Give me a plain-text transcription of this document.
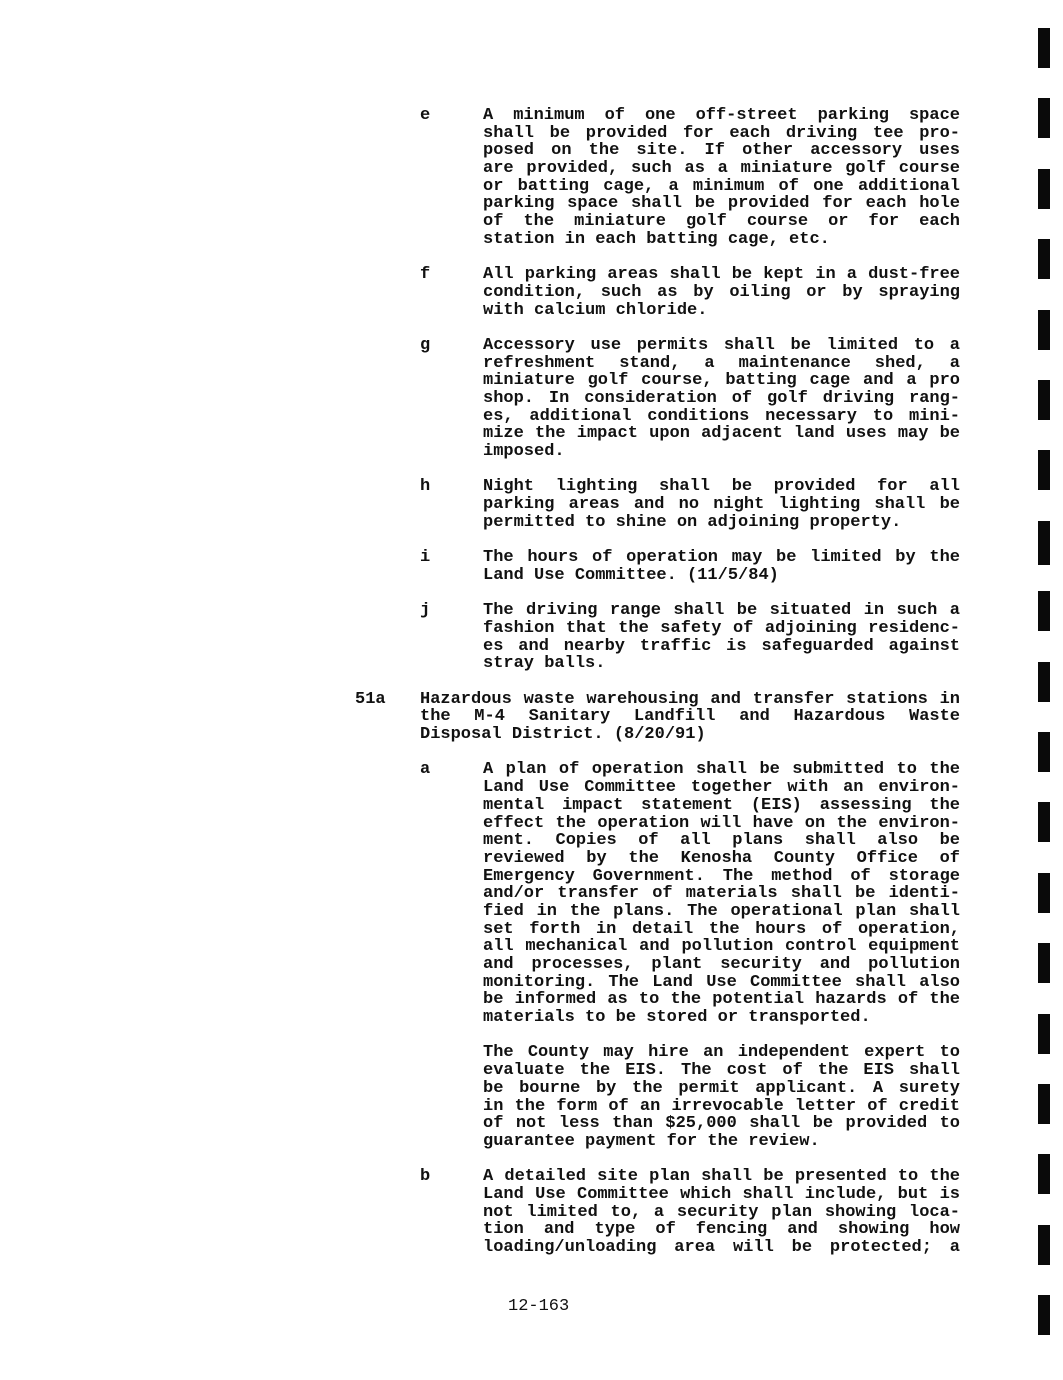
e	A minimum of one off-street parking space
shall be provided for each driving tee pro-
posed on the site. If other accessory uses
are provided, such as a miniature golf course
or batting cage, a minimum of one additional
parking space shall be provided for each hole
of the miniature golf course or for each
station in each batting cage, etc.
f	All parking areas shall be kept in a dust-free
condition, such as by oiling or by spraying
with calcium chloride.
g	Accessory use permits shall be limited to a
refreshment stand, a maintenance shed, a
miniature golf course, batting cage and a pro
shop. In consideration of golf driving rang-
es, additional conditions necessary to mini-
mize the impact upon adjacent land uses may be
imposed.
h	Night lighting shall be provided for all
parking areas and no night lighting shall be
permitted to shine on adjoining property.
i	The hours of operation may be limited by the
Land Use Committee. (11/5/84)
j	The driving range shall be situated in such a
fashion that the safety of adjoining residenc-
es and nearby traffic is safeguarded against
stray balls.
51a Hazardous waste warehousing and transfer stations in
the M-4 Sanitary Landfill and Hazardous Waste
Disposal District. (8/20/91)
a	A plan of operation shall be submitted to the
Land Use Committee together with an environ-
mental impact statement (EIS) assessing the
effect the operation will have on the environ-
ment. Copies of all plans shall also be
reviewed by the Kenosha County Office of
Emergency Government. The method of storage
and/or transfer of materials shall be identi-
fied in the plans. The operational plan shall
set forth in detail the hours of operation,
all mechanical and pollution control equipment
and processes, plant security and pollution
monitoring. The Land Use Committee shall also
be informed as to the potential hazards of the
materials to be stored or transported.
The County may hire an independent expert to
evaluate the EIS. The cost of the EIS shall
be bourne by the permit applicant. A surety
in the form of an irrevocable letter of credit
of not less than $25,000 shall be provided to
guarantee payment for the review.
b	A detailed site plan shall be presented to the
Land Use Committee which shall include, but is
not limited to, a security plan showing loca-
tion and type of fencing and showing how
loading/unloading area will be protected; a
12-163
